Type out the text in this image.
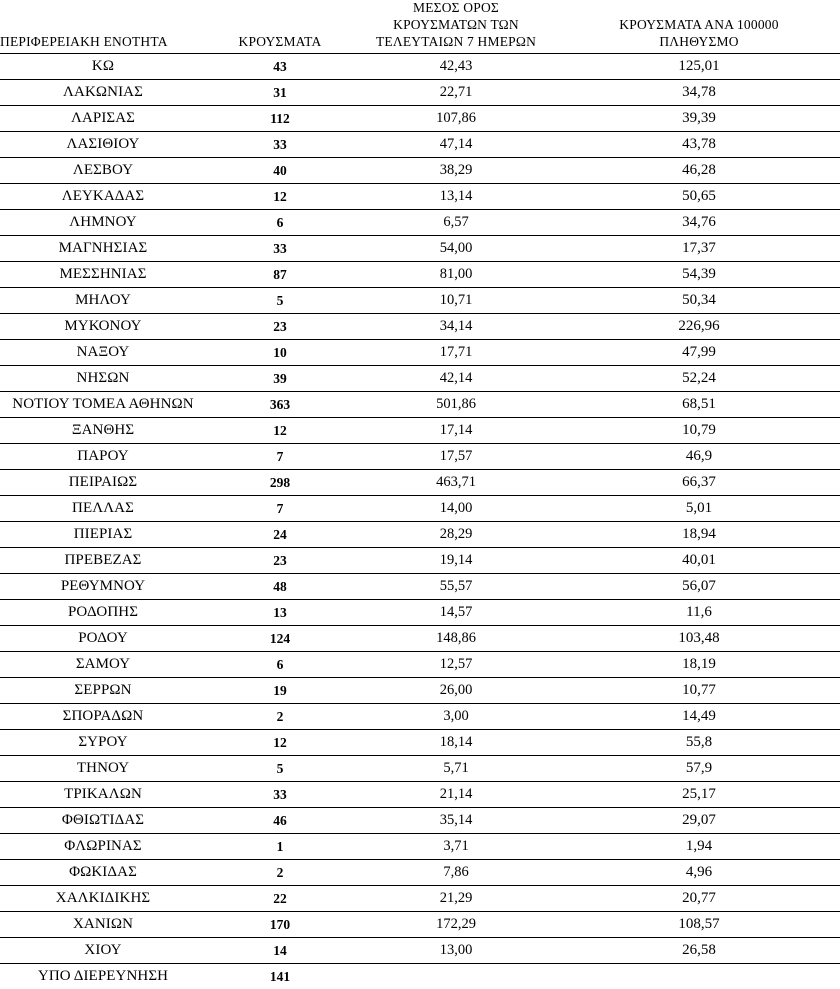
ΠΕΡΙΦΕΡΕΙΑΚΗ ΕΝΟΤΗΤΑ	ΚΡΟΥΣΜΑΤΑ	ΜΕΣΟΣ ΟΡΟΣ
ΚΡΟΥΣΜΑΤΩΝ ΤΩΝ
ΤΕΛΕΥΤΑΙΩΝ 7 ΗΜΕΡΩΝ	ΚΡΟΥΣΜΑΤΑ ΑΝΑ 100000
ΠΛΗΘΥΣΜΟ

ΚΩ	43	42,43	125,01
ΛΑΚΩΝΙΑΣ	31	22,71	34,78
ΛΑΡΙΣΑΣ	112	107,86	39,39
ΛΑΣΙΘΙΟΥ	33	47,14	43,78
ΛΕΣΒΟΥ	40	38,29	46,28
ΛΕΥΚΑΔΑΣ	12	13,14	50,65
ΛΗΜΝΟΥ	6	6,57	34,76
ΜΑΓΝΗΣΙΑΣ	33	54,00	17,37
ΜΕΣΣΗΝΙΑΣ	87	81,00	54,39
ΜΗΛΟΥ	5	10,71	50,34
ΜΥΚΟΝΟΥ	23	34,14	226,96
ΝΑΞΟΥ	10	17,71	47,99
ΝΗΣΩΝ	39	42,14	52,24
ΝΟΤΙΟΥ ΤΟΜΕΑ ΑΘΗΝΩΝ	363	501,86	68,51
ΞΑΝΘΗΣ	12	17,14	10,79
ΠΑΡΟΥ	7	17,57	46,9
ΠΕΙΡΑΙΩΣ	298	463,71	66,37
ΠΕΛΛΑΣ	7	14,00	5,01
ΠΙΕΡΙΑΣ	24	28,29	18,94
ΠΡΕΒΕΖΑΣ	23	19,14	40,01
ΡΕΘΥΜΝΟΥ	48	55,57	56,07
ΡΟΔΟΠΗΣ	13	14,57	11,6
ΡΟΔΟΥ	124	148,86	103,48
ΣΑΜΟΥ	6	12,57	18,19
ΣΕΡΡΩΝ	19	26,00	10,77
ΣΠΟΡΑΔΩΝ	2	3,00	14,49
ΣΥΡΟΥ	12	18,14	55,8
ΤΗΝΟΥ	5	5,71	57,9
ΤΡΙΚΑΛΩΝ	33	21,14	25,17
ΦΘΙΩΤΙΔΑΣ	46	35,14	29,07
ΦΛΩΡΙΝΑΣ	1	3,71	1,94
ΦΩΚΙΔΑΣ	2	7,86	4,96
ΧΑΛΚΙΔΙΚΗΣ	22	21,29	20,77
ΧΑΝΙΩΝ	170	172,29	108,57
ΧΙΟΥ	14	13,00	26,58
ΥΠΟ ΔΙΕΡΕΥΝΗΣΗ	141		
